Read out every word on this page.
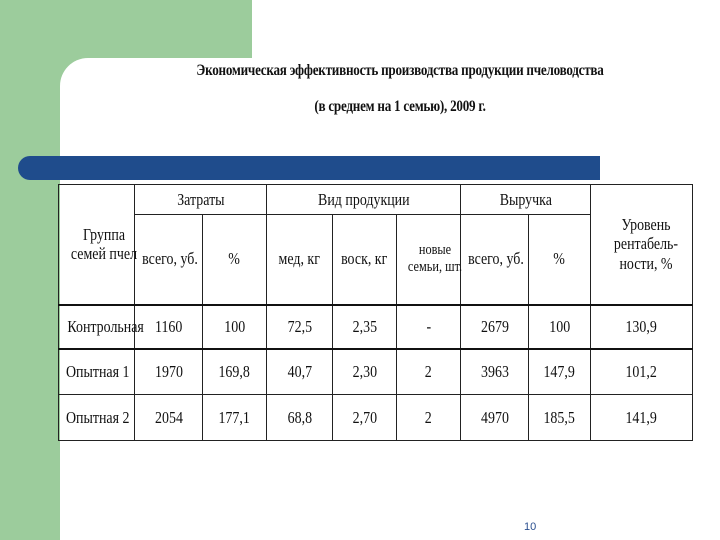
Экономическая эффективность производства продукции пчеловодства
(в среднем на 1 семью), 2009 г.
Группа семей пчел	Затраты		Вид продукции			Выручка		Уровень рентабель-ности, %
	всего, уб.	%	мед, кг	воск, кг	новые семьи, шт.	всего, уб.	%	
Контрольная	1160	100	72,5	2,35	-	2679	100	130,9
Опытная 1	1970	169,8	40,7	2,30	2	3963	147,9	101,2
Опытная 2	2054	177,1	68,8	2,70	2	4970	185,5	141,9
10
